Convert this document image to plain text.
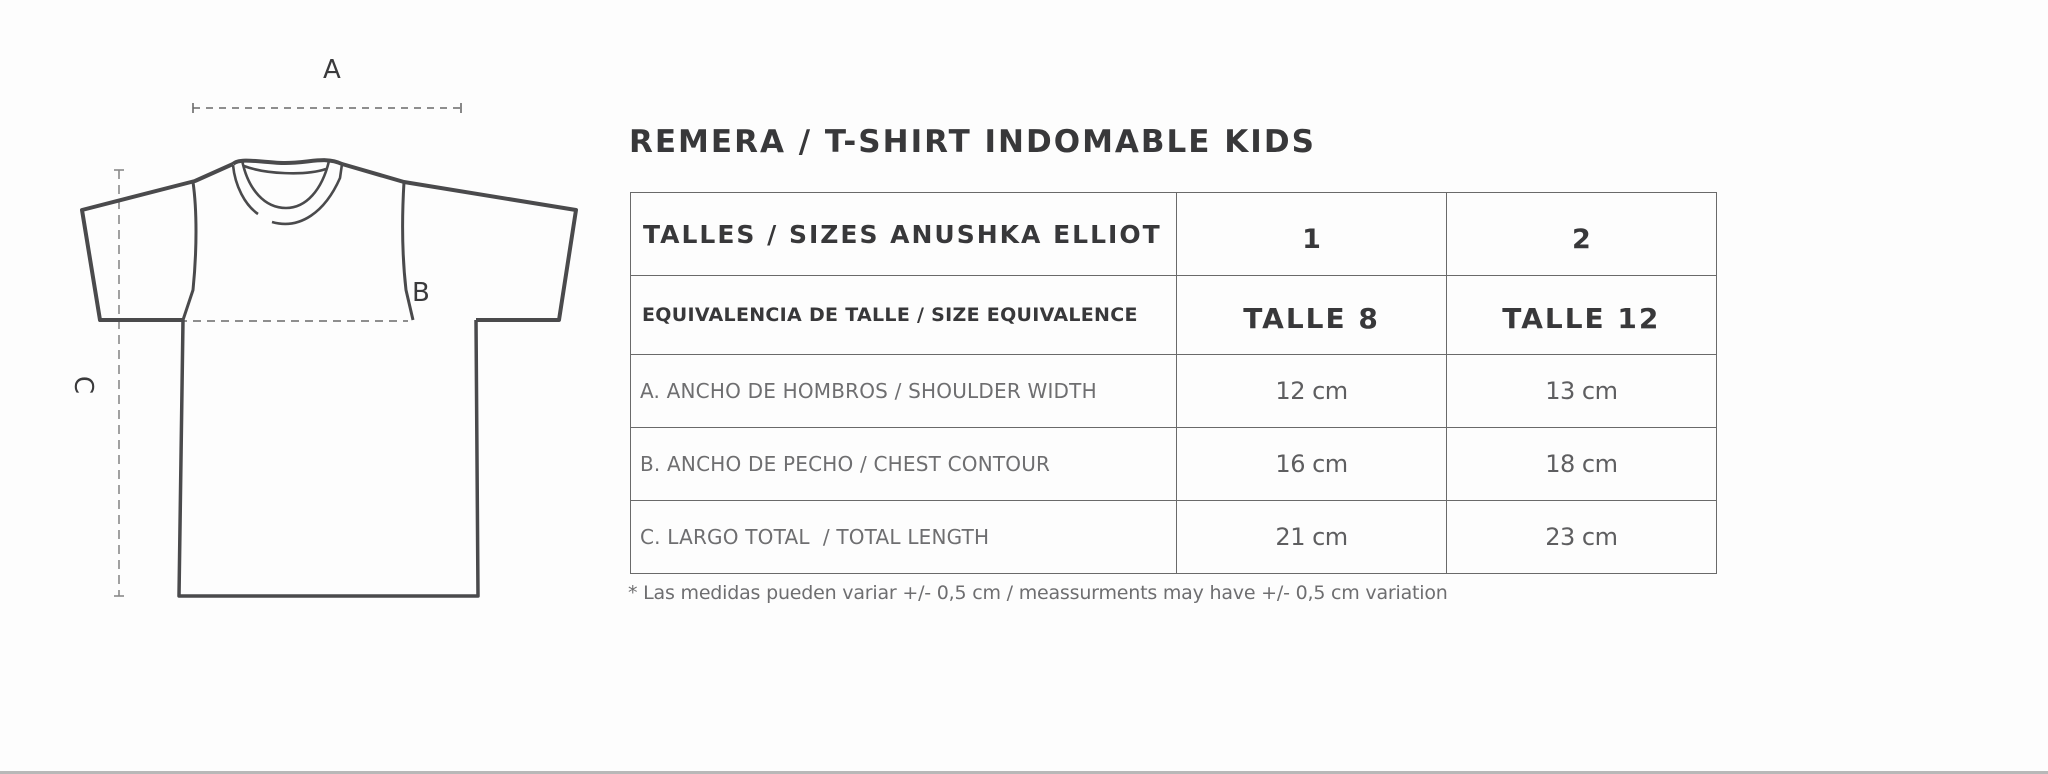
A
B
C
REMERA / T-SHIRT INDOMABLE KIDS
TALLES / SIZES ANUSHKA ELLIOT	1	2
EQUIVALENCIA DE TALLE / SIZE EQUIVALENCE	TALLE 8	TALLE 12
A. ANCHO DE HOMBROS / SHOULDER WIDTH	12 cm	13 cm
B. ANCHO DE PECHO / CHEST CONTOUR	16 cm	18 cm
C. LARGO TOTAL  / TOTAL LENGTH	21 cm	23 cm

* Las medidas pueden variar +/- 0,5 cm / meassurments may have +/- 0,5 cm variation
